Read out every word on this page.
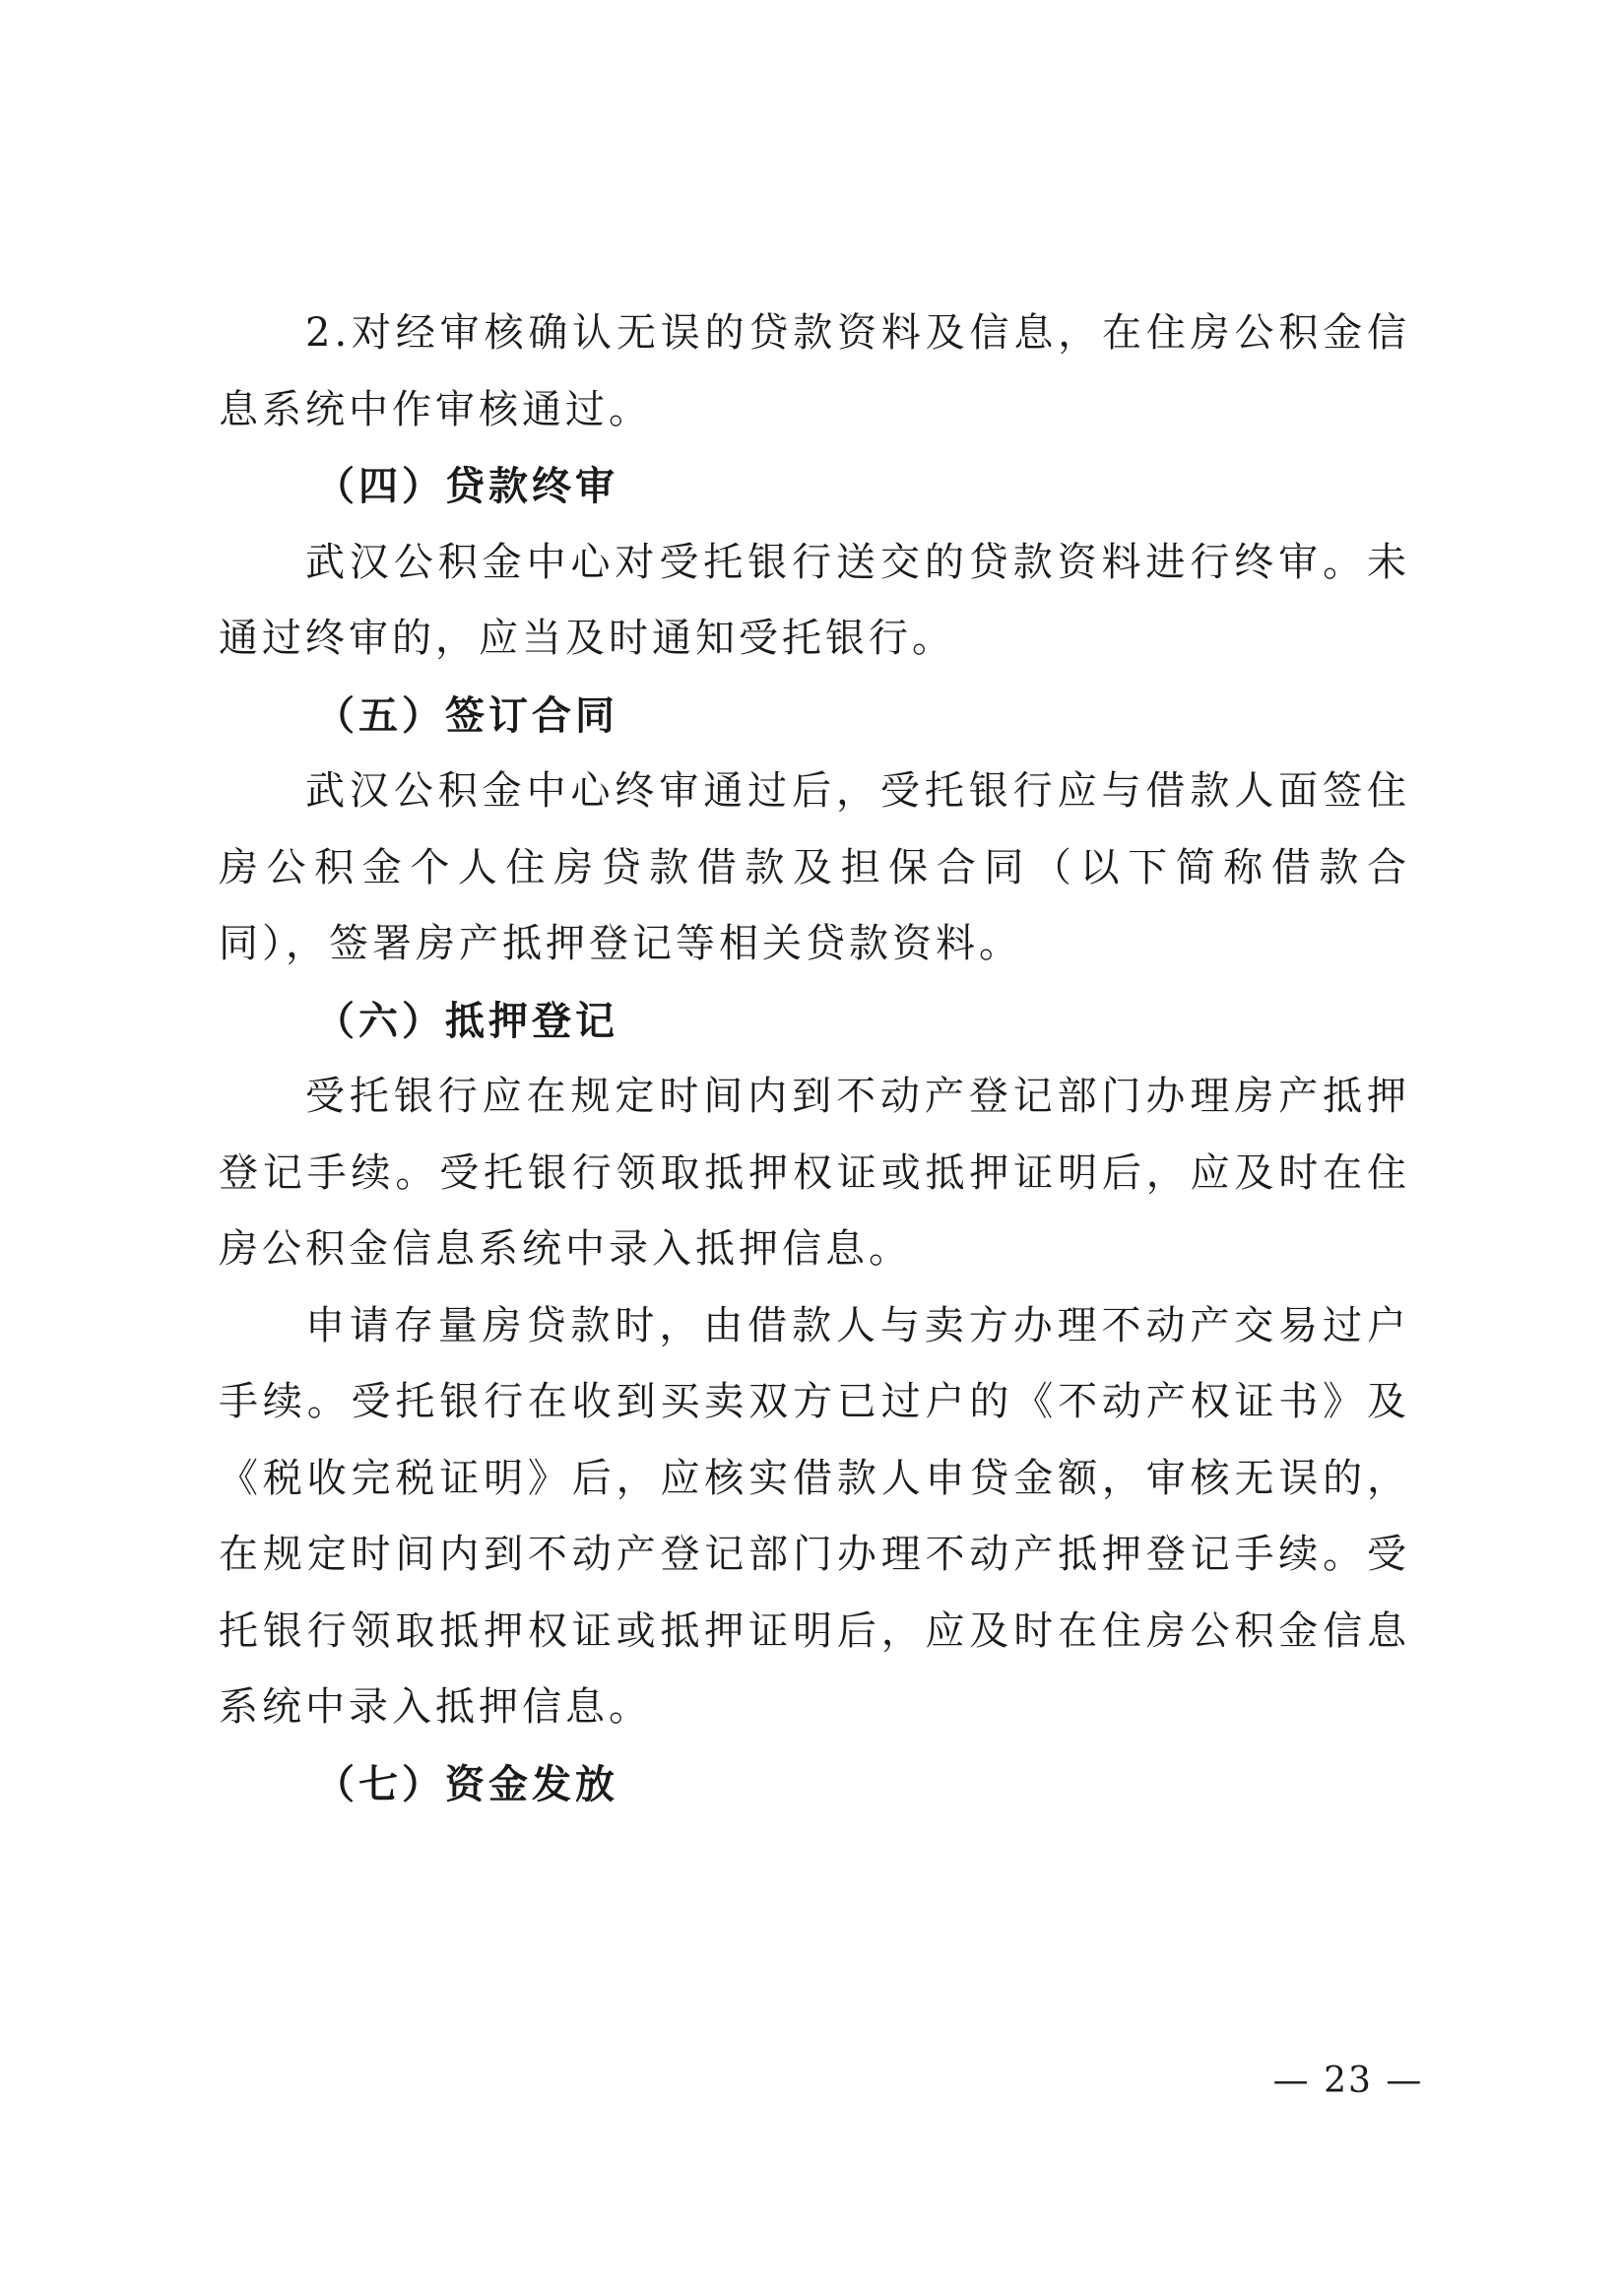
2.对经审核确认无误的贷款资料及信息，在住房公积金信息系统中作审核通过。

（四）贷款终审

武汉公积金中心对受托银行送交的贷款资料进行终审。未通过终审的，应当及时通知受托银行。

（五）签订合同

武汉公积金中心终审通过后，受托银行应与借款人面签住房公积金个人住房贷款借款及担保合同（以下简称借款合同），签署房产抵押登记等相关贷款资料。

（六）抵押登记

受托银行应在规定时间内到不动产登记部门办理房产抵押登记手续。受托银行领取抵押权证或抵押证明后，应及时在住房公积金信息系统中录入抵押信息。

申请存量房贷款时，由借款人与卖方办理不动产交易过户手续。受托银行在收到买卖双方已过户的《不动产权证书》及《税收完税证明》后，应核实借款人申贷金额，审核无误的，在规定时间内到不动产登记部门办理不动产抵押登记手续。受托银行领取抵押权证或抵押证明后，应及时在住房公积金信息系统中录入抵押信息。

（七）资金发放

— 23 —
